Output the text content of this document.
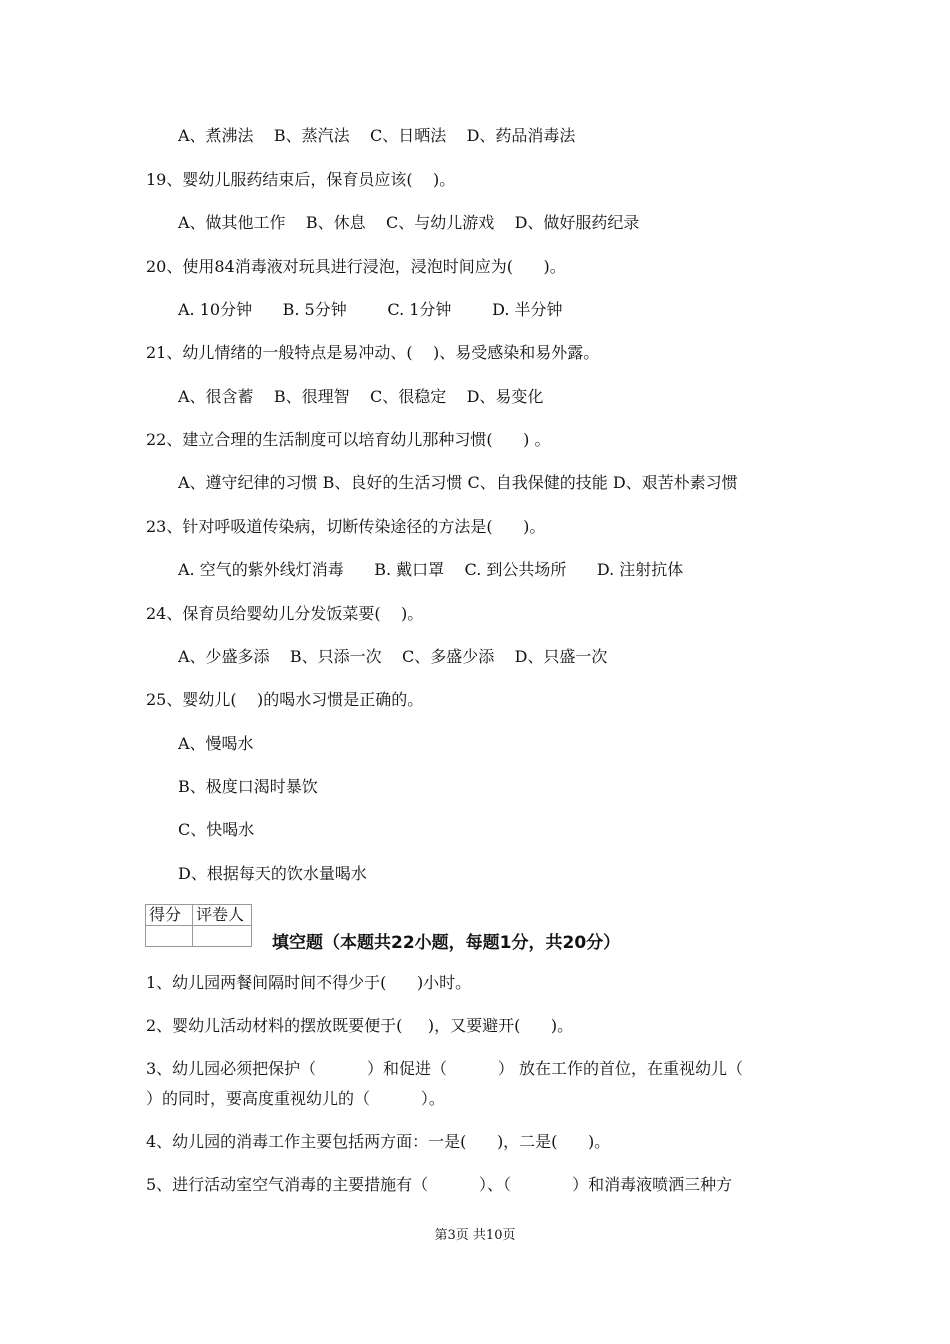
A、煮沸法    B、蒸汽法    C、日晒法    D、药品消毒法
19、婴幼儿服药结束后，保育员应该(    )。
A、做其他工作    B、休息    C、与幼儿游戏    D、做好服药纪录
20、使用84消毒液对玩具进行浸泡，浸泡时间应为(      )。
A. 10分钟      B. 5分钟        C. 1分钟        D. 半分钟
21、幼儿情绪的一般特点是易冲动、(    )、易受感染和易外露。
A、很含蓄    B、很理智    C、很稳定    D、易变化
22、建立合理的生活制度可以培育幼儿那种习惯(      ) 。
A、遵守纪律的习惯 B、良好的生活习惯 C、自我保健的技能 D、艰苦朴素习惯
23、针对呼吸道传染病，切断传染途径的方法是(      )。
A. 空气的紫外线灯消毒      B. 戴口罩    C. 到公共场所      D. 注射抗体
24、保育员给婴幼儿分发饭菜要(    )。
A、少盛多添    B、只添一次    C、多盛少添    D、只盛一次
25、婴幼儿(    )的喝水习惯是正确的。
A、慢喝水
B、极度口渴时暴饮
C、快喝水
D、根据每天的饮水量喝水
得分	评卷人

填空题（本题共22小题，每题1分，共20分）
1、幼儿园两餐间隔时间不得少于(      )小时。
2、婴幼儿活动材料的摆放既要便于(     )，又要避开(      )。
3、幼儿园必须把保护（          ）和促进（          ） 放在工作的首位，在重视幼儿（
）的同时，要高度重视幼儿的（          ）。
4、幼儿园的消毒工作主要包括两方面：一是(      )，二是(      )。
5、进行活动室空气消毒的主要措施有（          ）、（            ）和消毒液喷洒三种方
第3页 共10页
